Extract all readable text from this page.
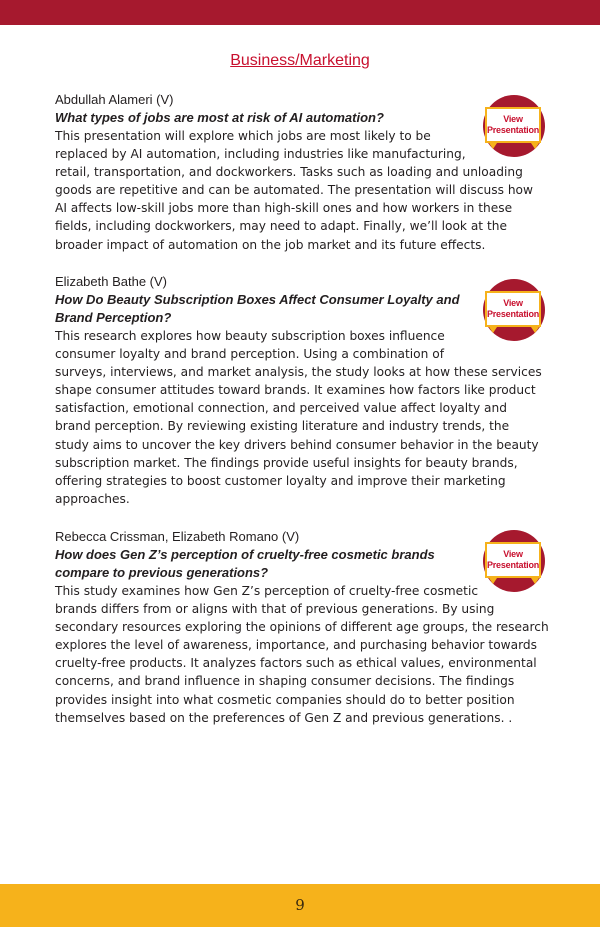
Business/Marketing
Abdullah Alameri (V)
What types of jobs are most at risk of AI automation?

This presentation will explore which jobs are most likely to be
replaced by AI automation, including industries like manufacturing,
retail, transportation, and dockworkers. Tasks such as loading and unloading
goods are repetitive and can be automated. The presentation will discuss how
AI affects low-skill jobs more than high-skill ones and how workers in these
fields, including dockworkers, may need to adapt. Finally, we’ll look at the
broader impact of automation on the job market and its future effects.

View
Presentation
Elizabeth Bathe (V)
How Do Beauty Subscription Boxes Affect Consumer Loyalty and
Brand Perception?

This research explores how beauty subscription boxes influence
consumer loyalty and brand perception. Using a combination of
surveys, interviews, and market analysis, the study looks at how these services
shape consumer attitudes toward brands. It examines how factors like product
satisfaction, emotional connection, and perceived value affect loyalty and
brand perception. By reviewing existing literature and industry trends, the
study aims to uncover the key drivers behind consumer behavior in the beauty
subscription market. The findings provide useful insights for beauty brands,
offering strategies to boost customer loyalty and improve their marketing
approaches.

View
Presentation
Rebecca Crissman, Elizabeth Romano (V)
How does Gen Z’s perception of cruelty-free cosmetic brands
compare to previous generations?

This study examines how Gen Z’s perception of cruelty-free cosmetic
brands differs from or aligns with that of previous generations. By using
secondary resources exploring the opinions of different age groups, the research
explores the level of awareness, importance, and purchasing behavior towards
cruelty-free products. It analyzes factors such as ethical values, environmental
concerns, and brand influence in shaping consumer decisions. The findings
provides insight into what cosmetic companies should do to better position
themselves based on the preferences of Gen Z and previous generations. .

View
Presentation
9
